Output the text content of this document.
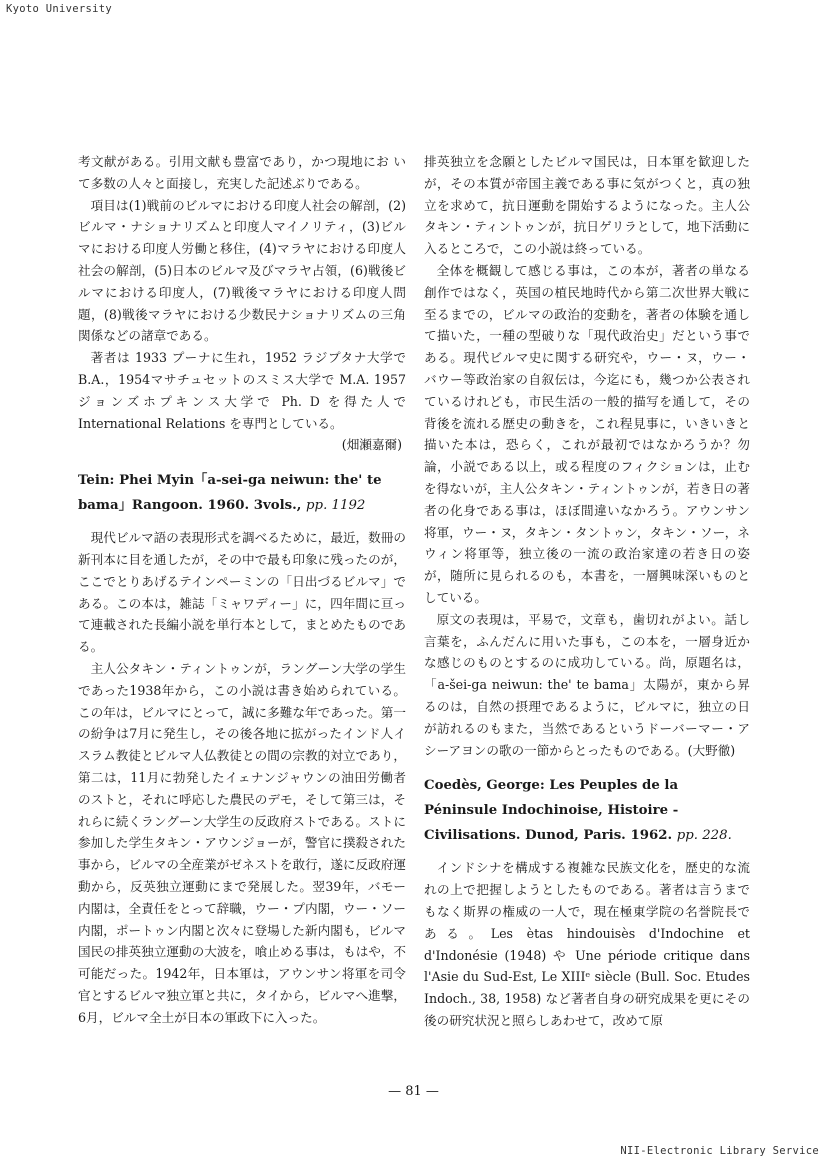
Kyoto University

考文献がある。引用文献も豊富であり，かつ現地にお いて多数の人々と面接し，充実した記述ぶりである。

項目は(1)戦前のビルマにおける印度人社会の解剖，(2)ビルマ・ナショナリズムと印度人マイノリティ，(3)ビルマにおける印度人労働と移住，(4)マラヤにおける印度人社会の解剖，(5)日本のビルマ及びマラヤ占領，(6)戦後ビルマにおける印度人，(7)戦後マラヤにおける印度人問題，(8)戦後マラヤにおける少数民ナショナリズムの三角関係などの諸章である。

著者は 1933 プーナに生れ，1952 ラジプタナ大学で B.A.，1954マサチュセットのスミス大学で M.A. 1957 ジョンズホプキンス大学で Ph. D を得た人で International Relations を専門としている。

(畑瀬嘉爾)

Tein: Phei Myin「a-sei-ga neiwun: the' te bama」Rangoon. 1960. 3vols., pp. 1192

現代ビルマ語の表現形式を調べるために，最近，数冊の新刊本に目を通したが，その中で最も印象に残ったのが，ここでとりあげるテインペーミンの「日出づるビルマ」である。この本は，雑誌「ミャワディー」に，四年間に亘って連載された長編小説を単行本として，まとめたものである。

主人公タキン・ティントゥンが，ラングーン大学の学生であった1938年から，この小説は書き始められている。この年は，ビルマにとって，誠に多難な年であった。第一の紛争は7月に発生し，その後各地に拡がったインド人イスラム教徒とビルマ人仏教徒との間の宗教的対立であり，第二は，11月に勃発したイェナンジャウンの油田労働者のストと，それに呼応した農民のデモ，そして第三は，それらに続くラングーン大学生の反政府ストである。ストに参加した学生タキン・アウンジョーが，警官に撲殺された事から，ビルマの全産業がゼネストを敢行，遂に反政府運動から，反英独立運動にまで発展した。翌39年，バモー内閣は，全責任をとって辞職，ウー・プ内閣，ウー・ソー内閣，ポートゥン内閣と次々に登場した新内閣も，ビルマ国民の排英独立運動の大波を，喰止める事は，もはや，不可能だった。1942年，日本軍は，アウンサン将軍を司令官とするビルマ独立軍と共に，タイから，ビルマへ進撃，6月，ビルマ全土が日本の軍政下に入った。

排英独立を念願としたビルマ国民は，日本軍を歓迎したが，その本質が帝国主義である事に気がつくと，真の独立を求めて，抗日運動を開始するようになった。主人公タキン・ティントゥンが，抗日ゲリラとして，地下活動に入るところで，この小説は終っている。

全体を概観して感じる事は，この本が，著者の単なる創作ではなく，英国の植民地時代から第二次世界大戦に至るまでの，ビルマの政治的変動を，著者の体験を通して描いた，一種の型破りな「現代政治史」だという事である。現代ビルマ史に関する研究や，ウー・ヌ，ウー・バウー等政治家の自叙伝は，今迄にも，幾つか公表されているけれども，市民生活の一般的描写を通して，その背後を流れる歴史の動きを，これ程見事に，いきいきと描いた本は，恐らく，これが最初ではなかろうか？勿論，小説である以上，或る程度のフィクションは，止むを得ないが，主人公タキン・ティントゥンが，若き日の著者の化身である事は，ほぼ間違いなかろう。アウンサン将軍，ウー・ヌ，タキン・タントゥン，タキン・ソー，ネウィン将軍等，独立後の一流の政治家達の若き日の姿が，随所に見られるのも，本書を，一層興味深いものとしている。

原文の表現は，平易で，文章も，歯切れがよい。話し言葉を，ふんだんに用いた事も，この本を，一層身近かな感じのものとするのに成功している。尚，原題名は，「a-šei-ga neiwun: the' te bama」太陽が，東から昇るのは，自然の摂理であるように，ビルマに，独立の日が訪れるのもまた，当然であるというドーバーマー・アシーアヨンの歌の一節からとったものである。(大野徹)

Coedès, George: Les Peuples de la Péninsule Indochinoise, Histoire -Civilisations. Dunod, Paris. 1962. pp. 228.

インドシナを構成する複雑な民族文化を，歴史的な流れの上で把握しようとしたものである。著者は言うまでもなく斯界の権威の一人で，現在極東学院の名誉院長である。Les ètas hindouisès d'Indochine et d'Indonésie (1948) や Une période critique dans l'Asie du Sud-Est, Le XIIIᵉ siècle (Bull. Soc. Etudes Indoch., 38, 1958) など著者自身の研究成果を更にその後の研究状況と照らしあわせて，改めて原

— 81 —
NII-Electronic Library Service
